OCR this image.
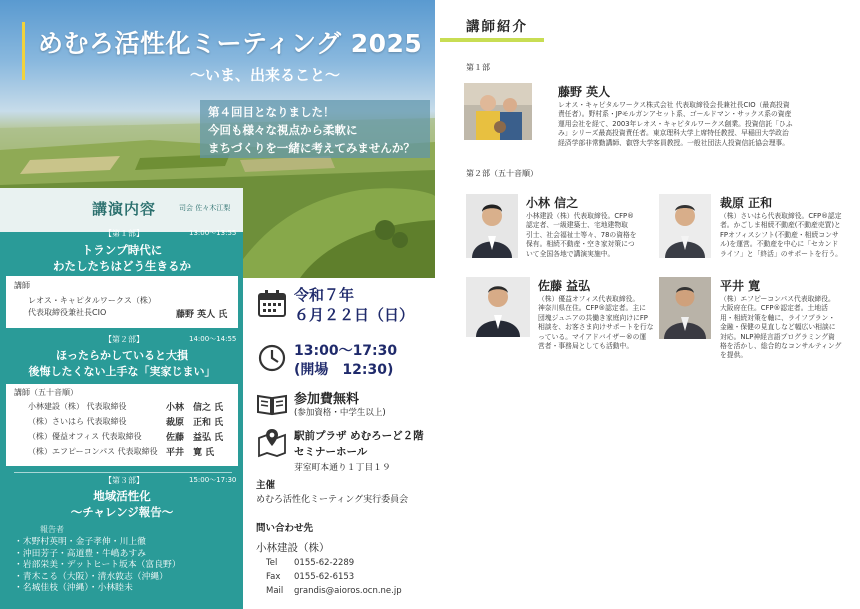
めむろ活性化ミーティング 2025
〜いま、出来ること〜
第４回目となりました！
今回も様々な視点から柔軟に
まちづくりを一緒に考えてみませんか？
講演内容	司会 佐々木江梨
【第１部】	13:00〜13:55
トランプ時代に
わたしたちはどう生きるか
講師
レオス・キャピタルワークス（株）
代表取締役兼社長CIO	藤野 英人 氏
【第２部】	14:00〜14:55
ほったらかしていると大損
後悔したくない上手な「実家じまい」
講師（五十音順）
小林建設（株） 代表取締役	小林　信之 氏
（株）さいはら 代表取締役	裁原　正和 氏
（株）優益オフィス 代表取締役	佐藤　益弘 氏
（株）エフピーコンパス 代表取締役 平井　寛 氏
【第３部】	15:00〜17:30
地域活性化
〜チャレンジ報告〜
報告者
・木野村英明・金子孝伸・川上徹
・沖田芳子・高道豊・牛嶋あすみ
・岩部栄美・デットヒート坂本（富良野）
・青木こる（大阪）・清水敦志（沖縄）
・名城佳枝（沖縄）・小林睦未
令和７年
６月２２日（日）
13:00〜17:30
(開場　12:30)
参加費無料
(参加資格・中学生以上)
駅前プラザ めむろーど２階
セミナーホール
芽室町本通り１丁目１９
主催
めむろ活性化ミーティング実行委員会
問い合わせ先
小林建設（株）
Tel 0155-62-2289
Fax 0155-62-6153
Mail grandis@aioros.ocn.ne.jp
講師紹介
第１部
藤野 英人
レオス・キャピタルワークス株式会社 代表取締役会長兼社長CIO（最高投資
責任者）。野村系・JPモルガンアセット系、ゴールドマン・サックス系の資産
運用会社を経て、2003年レオス・キャピタルワークス創業。投資信託「ひふ
み」シリーズ最高投資責任者。東京理科大学上席特任教授、早稲田大学政治
経済学部非常勤講師、叡啓大学客員教授。一般社団法人投資信託協会理事。
第２部（五十音順）
小林 信之
小林建設（株）代表取締役。CFP®
認定者、一級建築士、宅地建物取
引士、社会福祉士等々、78の資格を
保有。相続不動産・空き家対策につ
いて全国各地で講演実施中。
裁原 正和
（株）さいはら代表取締役。CFP®認定
者。かごしま相続不動産(不動産売買)と
FPオフィスシフト(不動産・相続コンサ
ル)を運営。不動産を中心に「セカンド
ライフ」と「終活」のサポートを行う。
佐藤 益弘
（株）優益オフィス代表取締役。
神奈川県在住。CFP®認定者。主に
団塊ジュニアの共働き家庭向けにFP
相談を、お客さま向けサポートを行な
っている。マイアドバイザー®の運
営者・事務局としても活動中。
平井 寛
（株）エフピーコンパス代表取締役。
大阪府在住。CFP®認定者。土地活
用・相続対策を軸に、ライフプラン・
金融・保健の見直しなど幅広い相談に
対応。NLP神経言語プログラミング資
格を活かし、総合的なコンサルティング
を提供。
